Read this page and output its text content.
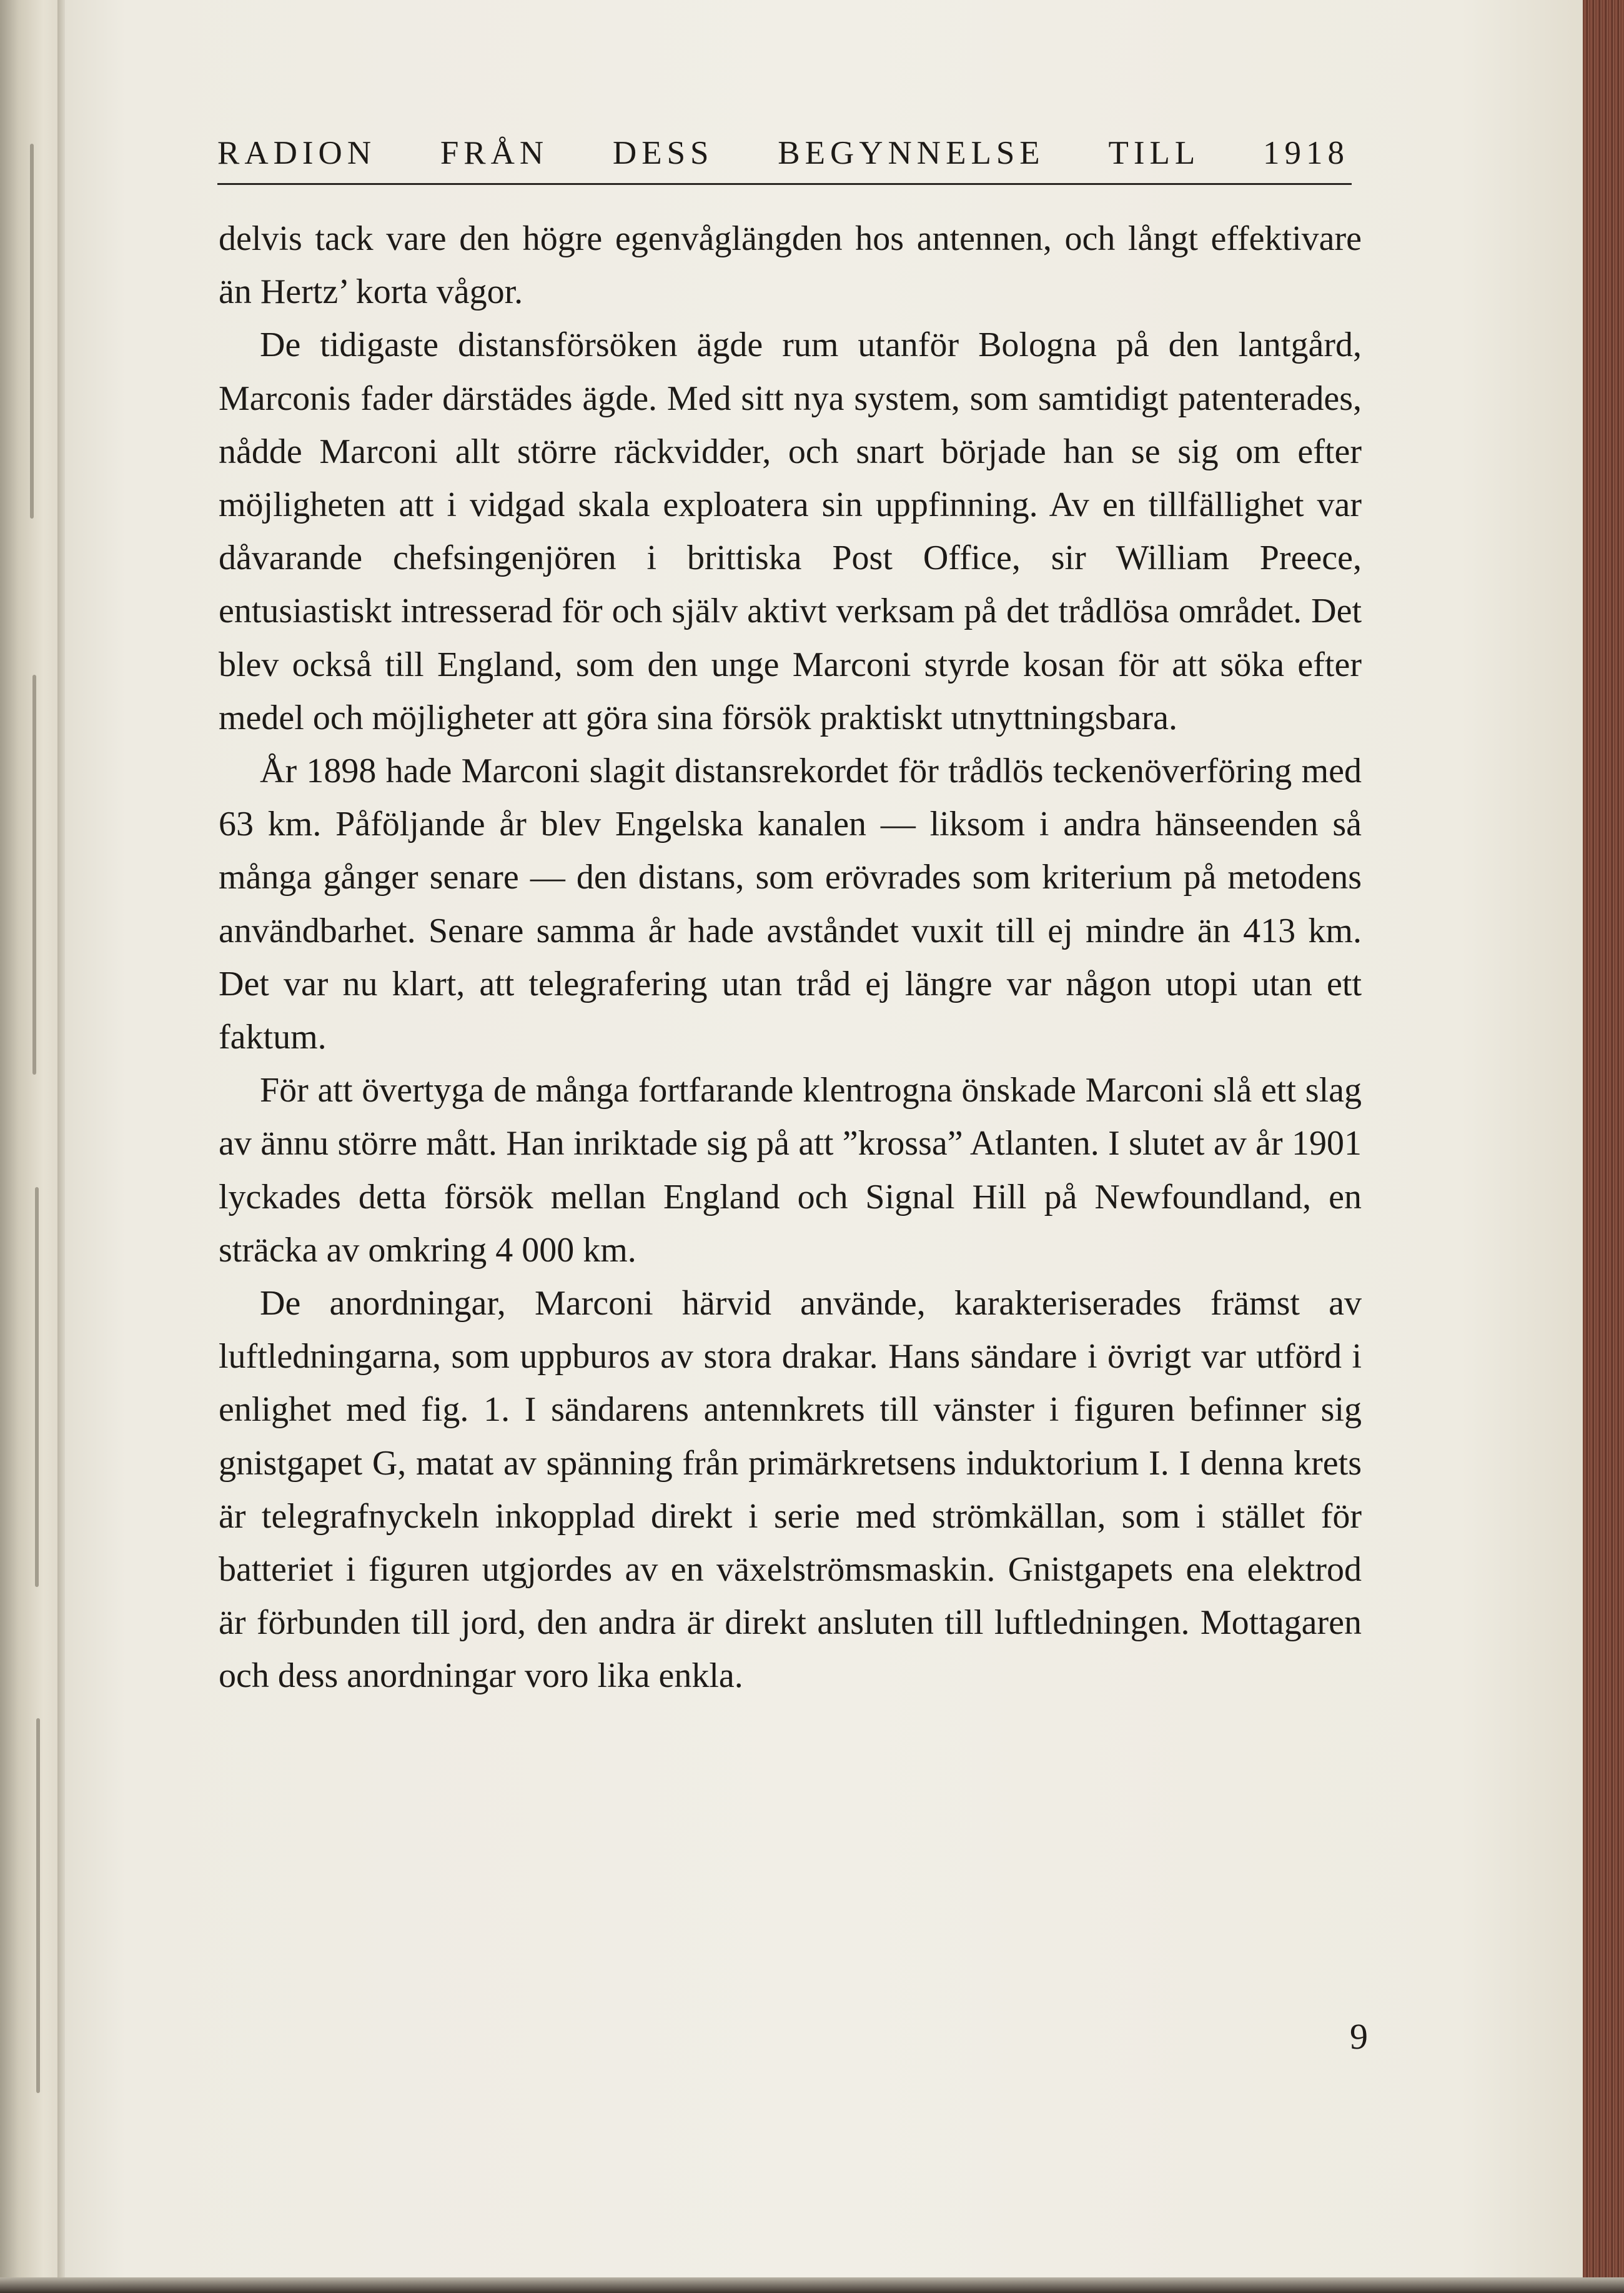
RADION FRÅN DESS BEGYNNELSE TILL 1918

delvis tack vare den högre egenvåglängden hos antennen, och långt effektivare än Hertz’ korta vågor.

De tidigaste distansförsöken ägde rum utanför Bologna på den lantgård, Marconis fader därstädes ägde. Med sitt nya system, som samtidigt patenterades, nådde Marconi allt större räckvidder, och snart började han se sig om efter möjligheten att i vidgad skala exploatera sin uppfinning. Av en tillfällighet var dåvarande chefsingenjören i brittiska Post Office, sir William Preece, entusiastiskt intresserad för och själv aktivt verksam på det trådlösa området. Det blev också till England, som den unge Marconi styrde kosan för att söka efter medel och möjligheter att göra sina försök praktiskt utnyttningsbara.

År 1898 hade Marconi slagit distansrekordet för trådlös teckenöverföring med 63 km. Påföljande år blev Engelska kanalen — liksom i andra hänseenden så många gånger senare — den distans, som erövrades som kriterium på metodens användbarhet. Senare samma år hade avståndet vuxit till ej mindre än 413 km. Det var nu klart, att telegrafering utan tråd ej längre var någon utopi utan ett faktum.

För att övertyga de många fortfarande klentrogna önskade Marconi slå ett slag av ännu större mått. Han inriktade sig på att ”krossa” Atlanten. I slutet av år 1901 lyckades detta försök mellan England och Signal Hill på Newfoundland, en sträcka av omkring 4 000 km.

De anordningar, Marconi härvid använde, karakteriserades främst av luftledningarna, som uppburos av stora drakar. Hans sändare i övrigt var utförd i enlighet med fig. 1. I sändarens antennkrets till vänster i figuren befinner sig gnistgapet G, matat av spänning från primärkretsens induktorium I. I denna krets är telegrafnyckeln inkopplad direkt i serie med strömkällan, som i stället för batteriet i figuren utgjordes av en växelströmsmaskin. Gnistgapets ena elektrod är förbunden till jord, den andra är direkt ansluten till luftledningen. Mottagaren och dess anordningar voro lika enkla.

9
